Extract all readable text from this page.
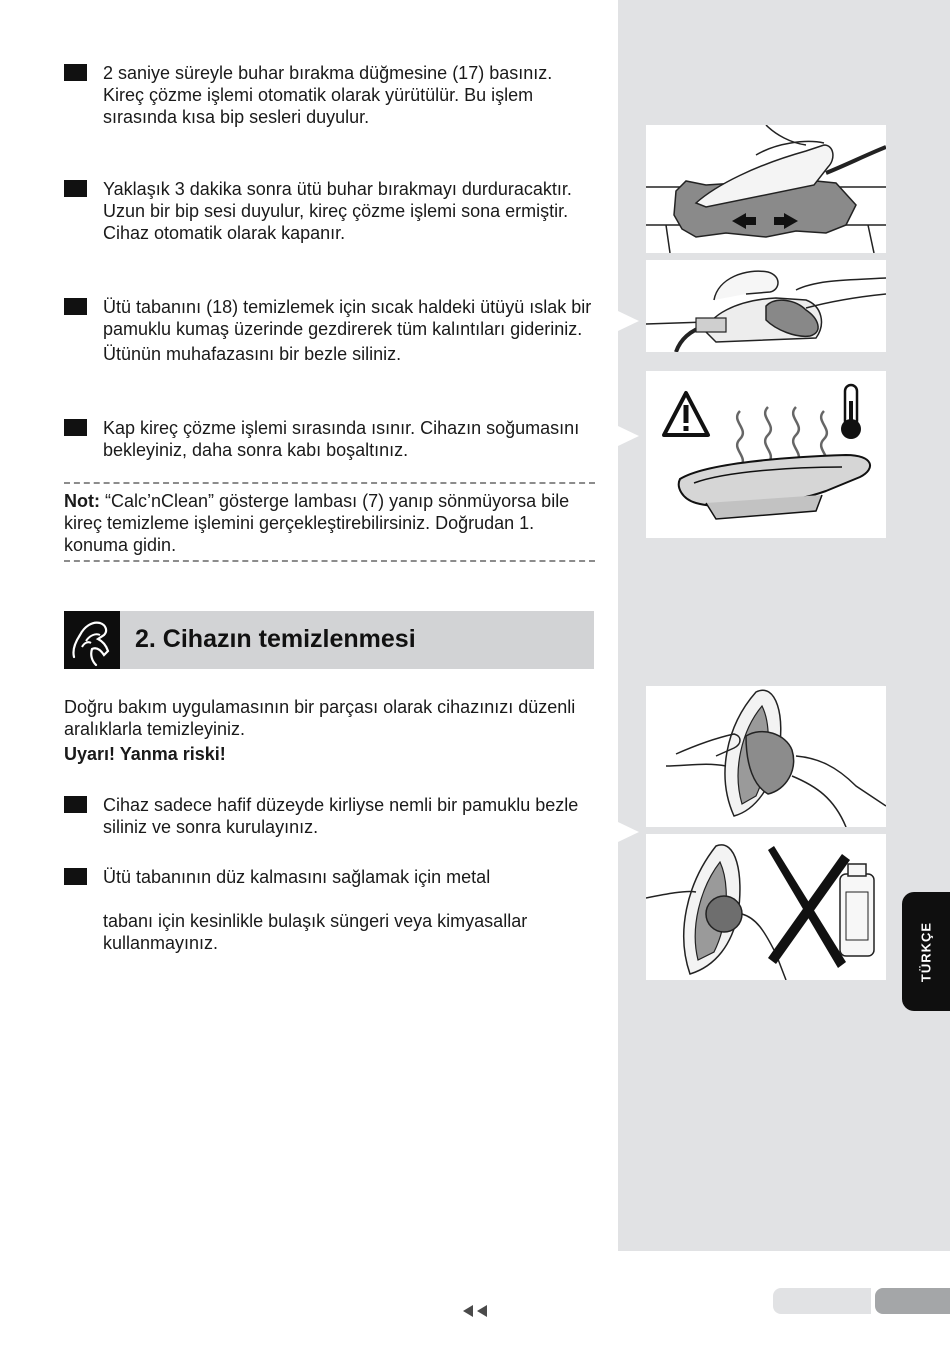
2 saniye süreyle buhar bırakma düğmesine (17) basınız.

Kireç çözme işlemi otomatik olarak yürütülür. Bu işlem sırasında kısa bip sesleri duyulur.

Yaklaşık 3 dakika sonra ütü buhar bırakmayı durduracaktır. Uzun bir bip sesi duyulur, kireç çözme işlemi sona ermiştir. Cihaz otomatik olarak kapanır.

Ütü tabanını (18) temizlemek için sıcak haldeki ütüyü ıslak bir pamuklu kumaş üzerinde gezdirerek tüm kalıntıları gideriniz.

Ütünün muhafazasını bir bezle siliniz.

Kap kireç çözme işlemi sırasında ısınır. Cihazın soğumasını bekleyiniz, daha sonra kabı boşaltınız.

Not: “Calc’nClean” gösterge lambası (7) yanıp sönmüyorsa bile kireç temizleme işlemini gerçekleştirebilirsiniz. Doğrudan 1. konuma gidin.
2. Cihazın temizlenmesi

Doğru bakım uygulamasının bir parçası olarak cihazınızı düzenli aralıklarla temizleyiniz.

Uyarı! Yanma riski!

Cihaz sadece hafif düzeyde kirliyse nemli bir pamuklu bezle siliniz ve sonra kurulayınız.

Ütü tabanının düz kalmasını sağlamak için metal

tabanı için kesinlikle bulaşık süngeri veya kimyasallar kullanmayınız.	TÜRKÇE
